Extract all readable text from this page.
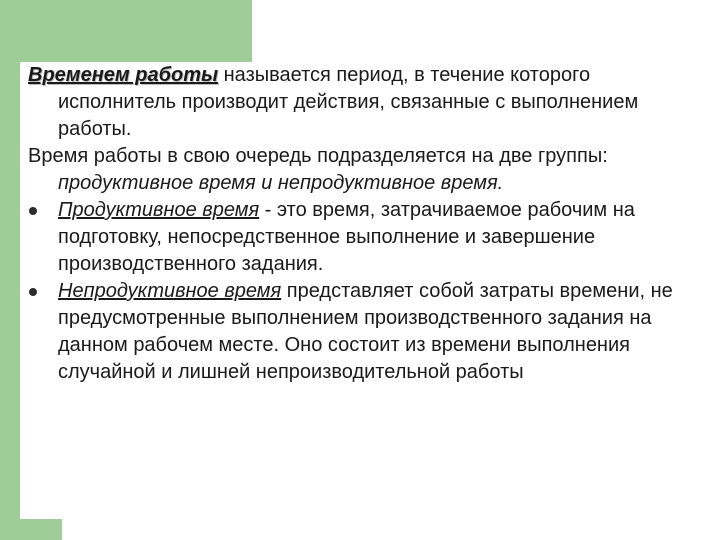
Временем работы называется период, в течение которого исполнитель производит действия, связанные с выполнением работы.

Время работы в свою очередь подразделяется на две группы: продуктивное время и непродуктивное время.

Продуктивное время - это время, затрачиваемое рабочим на подготовку, непосредственное выполнение и завершение производственного задания.

Непродуктивное время представляет собой затраты времени, не предусмотренные выполнением производственного задания на данном рабочем месте. Оно состоит из времени выполнения случайной и лишней непроизводительной работы
